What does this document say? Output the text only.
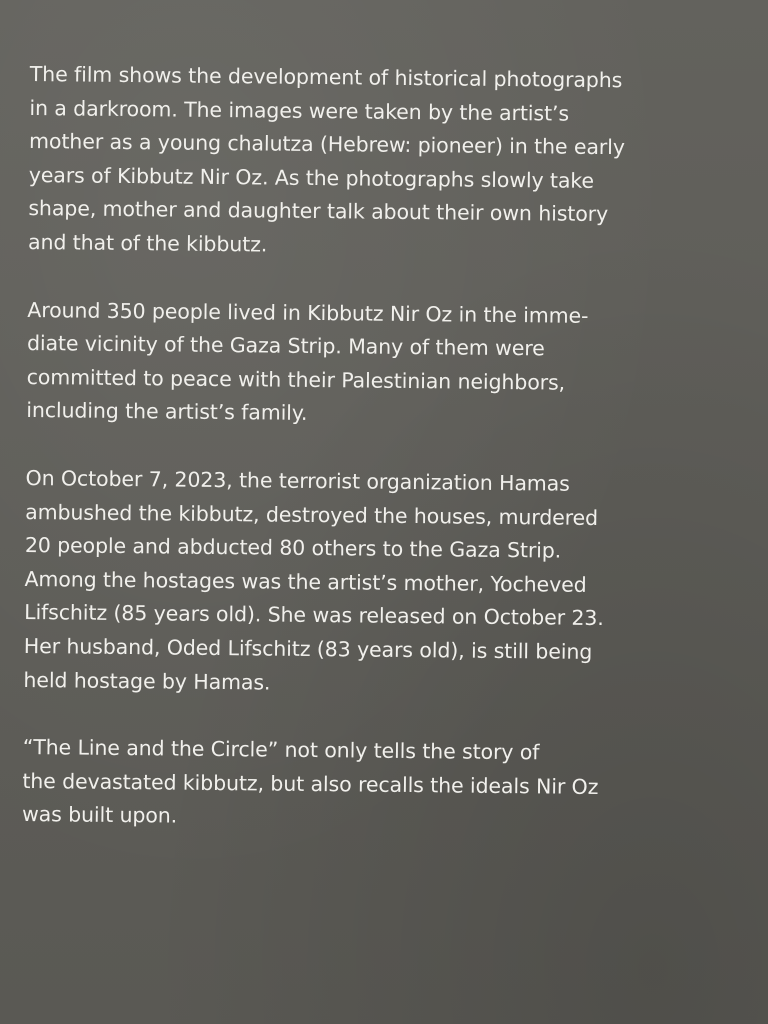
The film shows the development of historical photographs
in a darkroom. The images were taken by the artist’s
mother as a young chalutza (Hebrew: pioneer) in the early
years of Kibbutz Nir Oz. As the photographs slowly take
shape, mother and daughter talk about their own history
and that of the kibbutz.

Around 350 people lived in Kibbutz Nir Oz in the imme-
diate vicinity of the Gaza Strip. Many of them were
committed to peace with their Palestinian neighbors,
including the artist’s family.

On October 7, 2023, the terrorist organization Hamas
ambushed the kibbutz, destroyed the houses, murdered
20 people and abducted 80 others to the Gaza Strip.
Among the hostages was the artist’s mother, Yocheved
Lifschitz (85 years old). She was released on October 23.
Her husband, Oded Lifschitz (83 years old), is still being
held hostage by Hamas.

“The Line and the Circle” not only tells the story of
the devastated kibbutz, but also recalls the ideals Nir Oz
was built upon.
